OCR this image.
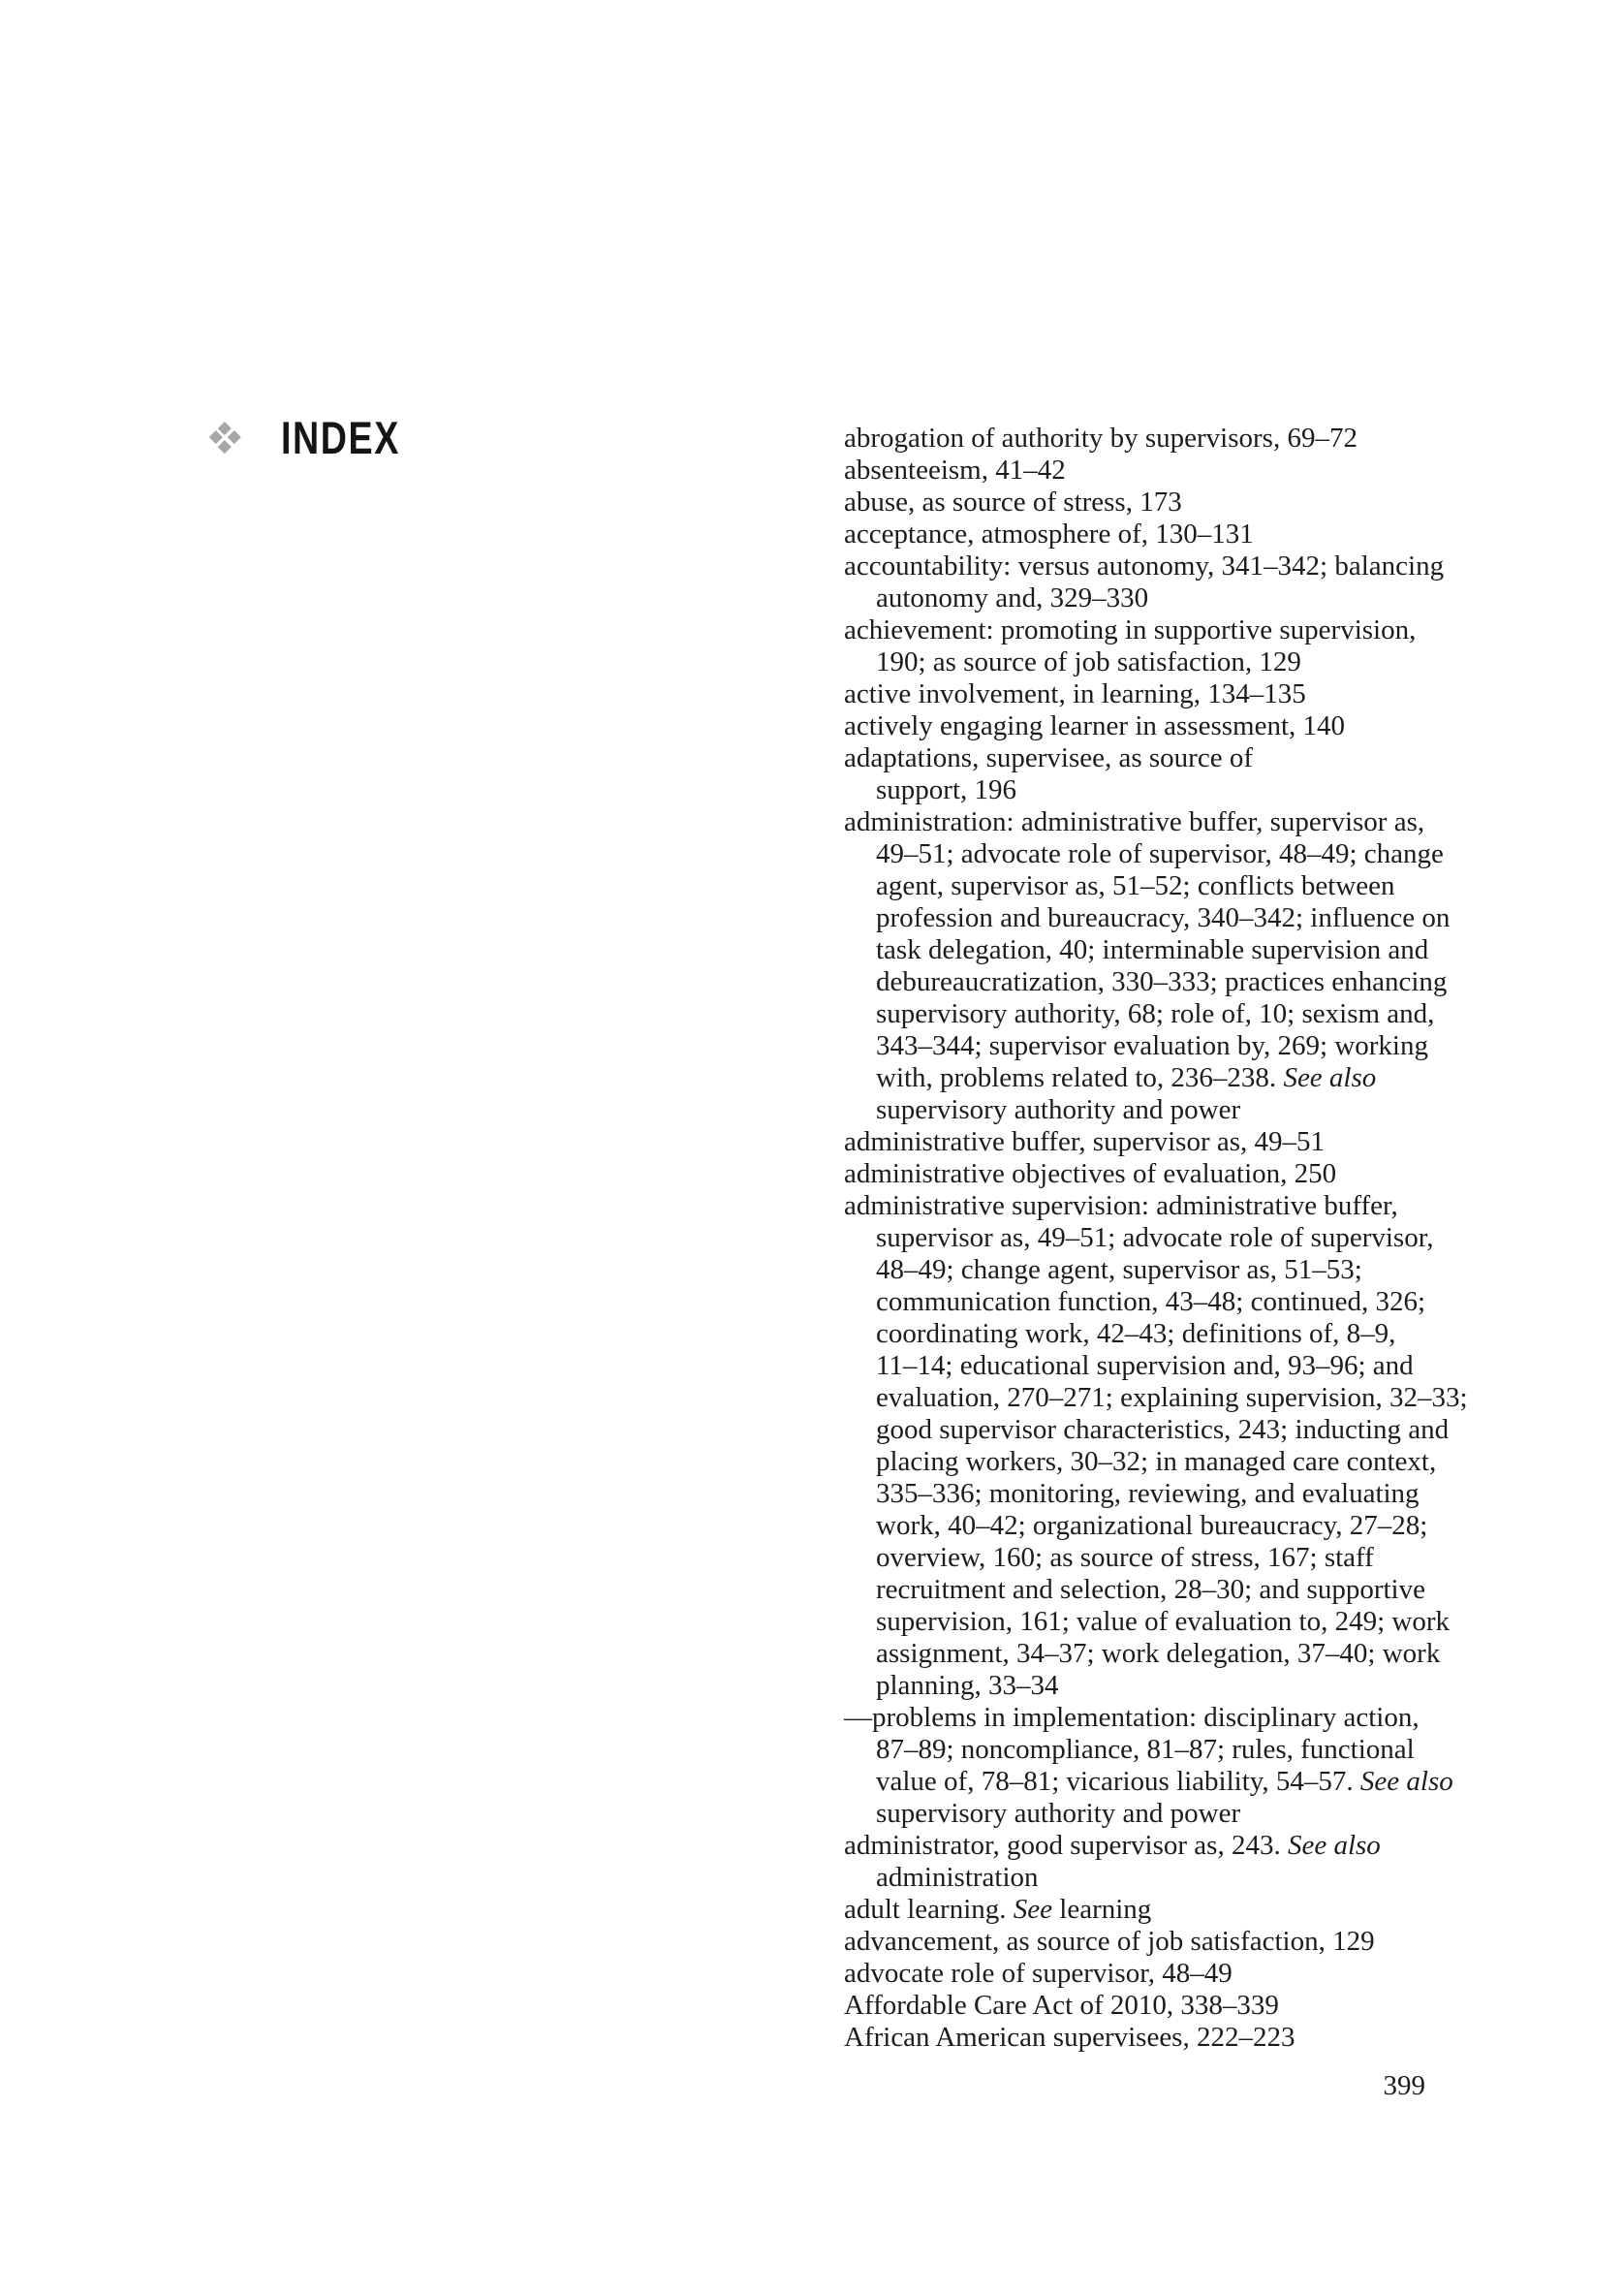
INDEX	abrogation of authority by supervisors, 69–72
absenteeism, 41–42
abuse, as source of stress, 173
acceptance, atmosphere of, 130–131
accountability: versus autonomy, 341–342; balancing
autonomy and, 329–330
achievement: promoting in supportive supervision,
190; as source of job satisfaction, 129
active involvement, in learning, 134–135
actively engaging learner in assessment, 140
adaptations, supervisee, as source of
support, 196
administration: administrative buffer, supervisor as,
49–51; advocate role of supervisor, 48–49; change
agent, supervisor as, 51–52; conflicts between
profession and bureaucracy, 340–342; influence on
task delegation, 40; interminable supervision and
debureaucratization, 330–333; practices enhancing
supervisory authority, 68; role of, 10; sexism and,
343–344; supervisor evaluation by, 269; working
with, problems related to, 236–238. See also
supervisory authority and power
administrative buffer, supervisor as, 49–51
administrative objectives of evaluation, 250
administrative supervision: administrative buffer,
supervisor as, 49–51; advocate role of supervisor,
48–49; change agent, supervisor as, 51–53;
communication function, 43–48; continued, 326;
coordinating work, 42–43; definitions of, 8–9,
11–14; educational supervision and, 93–96; and
evaluation, 270–271; explaining supervision, 32–33;
good supervisor characteristics, 243; inducting and
placing workers, 30–32; in managed care context,
335–336; monitoring, reviewing, and evaluating
work, 40–42; organizational bureaucracy, 27–28;
overview, 160; as source of stress, 167; staff
recruitment and selection, 28–30; and supportive
supervision, 161; value of evaluation to, 249; work
assignment, 34–37; work delegation, 37–40; work
planning, 33–34
—problems in implementation: disciplinary action,
87–89; noncompliance, 81–87; rules, functional
value of, 78–81; vicarious liability, 54–57. See also
supervisory authority and power
administrator, good supervisor as, 243. See also
administration
adult learning. See learning
advancement, as source of job satisfaction, 129
advocate role of supervisor, 48–49
Affordable Care Act of 2010, 338–339
African American supervisees, 222–223
399
